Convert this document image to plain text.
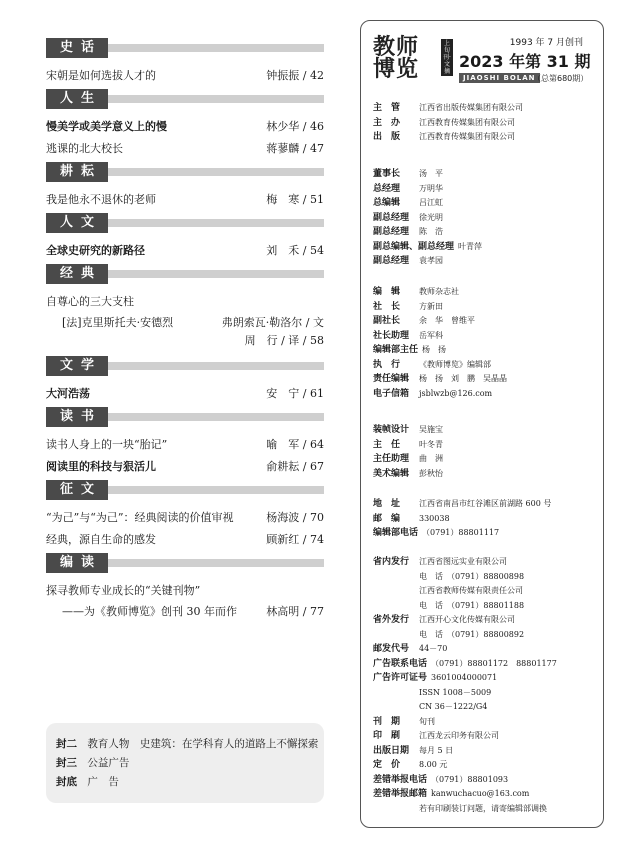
史话
宋朝是如何选拔人才的	钟振振 / 42
人生
慢美学或美学意义上的慢	林少华 / 46
逃课的北大校长	蒋蓼麟 / 47
耕耘
我是他永不退休的老师	梅　寒 / 51
人文
全球史研究的新路径	刘　禾 / 54
经典
自尊心的三大支柱
[法]克里斯托夫·安德烈	弗朗索瓦·勒洛尔 / 文
周　行 / 译 / 58
文学
大河浩荡	安　宁 / 61
读书
读书人身上的一块“胎记”	喻　军 / 64
阅读里的科技与狠活儿	俞耕耘 / 67
征文
“为己”与“为己”：经典阅读的价值审视	杨海波 / 70
经典，源自生命的感发	顾新红 / 74
编读
探寻教师专业成长的“关键刊物”
——为《教师博览》创刊 30 年而作	林高明 / 77
封二 教育人物　史建筑：在学科育人的道路上不懈探索
封三 公益广告
封底 广　告
教师
博览
上旬刊·文摘
1993 年 7 月创刊
2023 年第 31 期
JIAOSHI BOLAN
（总第680期）
主　管 江西省出版传媒集团有限公司
主　办 江西教育传媒集团有限公司
出　版 江西教育传媒集团有限公司
董事长 汤　平
总经理 万明华
总编辑 吕江虹
副总经理 徐光明
副总经理 陈　浩
副总编辑、副总经理 叶青萍
副总经理 袁孝园
编　辑 教师杂志社
社　长 方新田
副社长 余　华　曾维平
社长助理 岳军科
编辑部主任 杨　扬
执　行 《教师博览》编辑部
责任编辑 杨　扬　刘　鹏　吴晶晶
电子信箱 jsblwzb@126.com
装帧设计 吴施宝
主　任 叶冬青
主任助理 曲　洲
美术编辑 彭秋怡
地　址 江西省南昌市红谷滩区前湖路 600 号
邮　编 330038
编辑部电话 （0791）88801117
省内发行 江西省图远实业有限公司
电　话　（0791）88800898
江西省教师传媒有限责任公司
电　话　（0791）88801188
省外发行 江西开心文化传媒有限公司
电　话　（0791）88800892
邮发代号 44－70
广告联系电话 （0791）88801172　88801177
广告许可证号 3601004000071
ISSN 1008－5009
CN 36－1222/G4
刊　期 旬刊
印　刷 江西龙云印务有限公司
出版日期 每月 5 日
定　价 8.00 元
差错举报电话 （0791）88801093
差错举报邮箱 kanwuchacuo@163.com
若有印刷装订问题，请寄编辑部调换
